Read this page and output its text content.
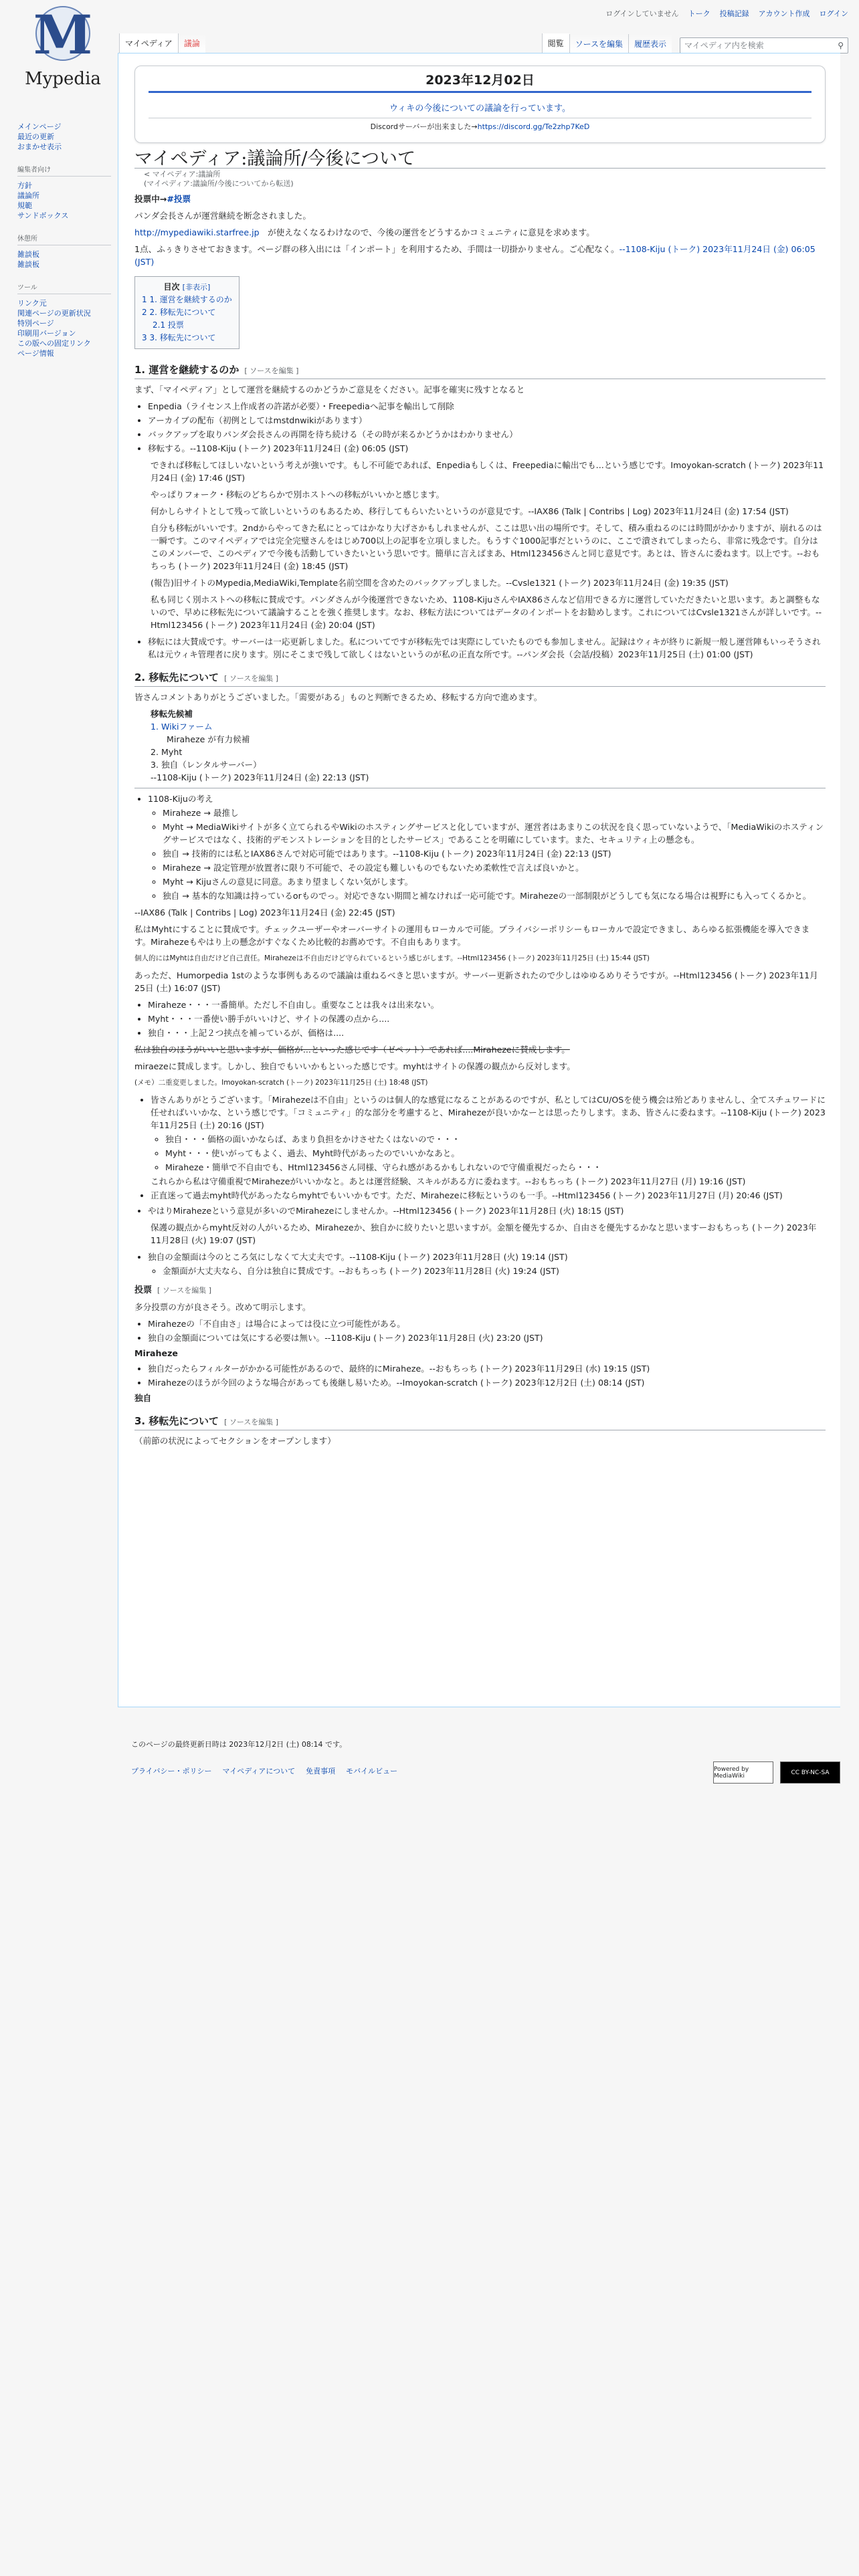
M
Mypedia
ログインしていません トーク 投稿記録 アカウント作成 ログイン
マイペディア	議論	閲覧	ソースを編集	履歴表示	マイペディア内を検索	⚲
メインページ
最近の更新
おまかせ表示
編集者向け
方針
議論所
規範
サンドボックス
休憩所
雑談板
雑談板
ツール
リンク元
関連ページの更新状況
特別ページ
印刷用バージョン
この版への固定リンク
ページ情報
2023年12月02日
ウィキの今後についての議論を行っています。
Discordサーバーが出来ました→https://discord.gg/Te2zhp7KeD
マイペディア:議論所/今後について
< マイペディア:議論所
(マイペディア:議論所/今後についてから転送)

投票中→#投票

パンダ会長さんが運営継続を断念されました。

http://mypediawiki.starfree.jp　 が使えなくなるわけなので、今後の運営をどうするかコミュニティに意見を求めます。

1点、ふぅきりさせておきます。ページ群の移入出には「インポート」を利用するため、手間は一切掛かりません。ご心配なく。--1108-Kiju (トーク) 2023年11月24日 (金) 06:05 (JST)

目次 [非表示]
1 1. 運営を継続するのか
2 2. 移転先について
2.1 投票
3 3. 移転先について
1. 運営を継続するのか [ ソースを編集 ]

まず、「マイペディア」として運営を継続するのかどうかご意見をください。記事を確実に残すとなると

• Enpedia（ライセンス上作成者の許諾が必要）・Freepediaへ記事を輸出して削除
• アーカイブの配布（初例としてはmstdnwikiがあります）
• バックアップを取りパンダ会長さんの再開を待ち続ける（その時が来るかどうかはわかりません）
• 移転する。--1108-Kiju (トーク) 2023年11月24日 (金) 06:05 (JST)

できれば移転してほしいないという考えが強いです。もし不可能であれば、Enpediaもしくは、Freepediaに輸出でも...という感じです。Imoyokan-scratch (トーク) 2023年11月24日 (金) 17:46 (JST)

やっぱりフォーク・移転のどちらかで別ホストへの移転がいいかと感じます。

何かしらサイトとして残って欲しいというのもあるため、移行してもらいたいというのが意見です。--IAX86 (Talk | Contribs | Log) 2023年11月24日 (金) 17:54 (JST)

自分も移転がいいです。2ndからやってきた私にとってはかなり大げさかもしれませんが、ここは思い出の場所です。そして、積み重ねるのには時間がかかりますが、崩れるのは一瞬です。このマイペディアでは完全完璧さんをはじめ700以上の記事を立項しました。もうすぐ1000記事だというのに、ここで潰されてしまったら、非常に残念です。自分はこのメンバーで、このペディアで今後も活動していきたいという思いです。簡単に言えばまあ、Html123456さんと同じ意見です。あとは、皆さんに委ねます。以上です。--おもちっち (トーク) 2023年11月24日 (金) 18:45 (JST)

(報告)旧サイトのMypedia,MediaWiki,Template名前空間を含めたのバックアップしました。--Cvsle1321 (トーク) 2023年11月24日 (金) 19:35 (JST)

私も同じく別ホストへの移転に賛成です。パンダさんが今後運営できないため、1108-KijuさんやIAX86さんなど信用できる方に運営していただきたいと思います。あと調整もないので、早めに移転先について議論することを強く推奨します。なお、移転方法についてはデータのインポートをお勧めします。これについてはCvsle1321さんが詳しいです。--Html123456 (トーク) 2023年11月24日 (金) 20:04 (JST)

• 移転には大賛成です。サーバーは一応更新しました。私についてですが移転先では実際にしていたものでも参加しません。記録はウィキが終りに新規一般し運営陣もいっそうされ私は元ウィキ管理者に戻ります。別にそこまで残して欲しくはないというのが私の正直な所です。--パンダ会長（会話/投稿）2023年11月25日 (土) 01:00 (JST)
2. 移転先について [ ソースを編集 ]

皆さんコメントありがとうございました。「需要がある」ものと判断できるため、移転する方向で進めます。

移転先候補
1. Wikiファーム
Miraheze が有力候補
2. Myht
3. 独自（レンタルサーバー）
--1108-Kiju (トーク) 2023年11月24日 (金) 22:13 (JST)
• 1108-Kijuの考え
◦ Miraheze → 最推し
◦ Myht → MediaWikiサイトが多く立てられるやWikiのホスティングサービスと化していますが、運営者はあまりこの状況を良く思っていないようで、「MediaWikiのホスティングサービスではなく、技術的デモンストレーションを目的としたサービス」であることを明確にしています。また、セキュリティ上の懸念も。
◦ 独自 → 技術的には私とIAX86さんで対応可能ではあります。--1108-Kiju (トーク) 2023年11月24日 (金) 22:13 (JST)
◦ Miraheze → 設定管理が放置者に限り不可能で、その設定も難しいものでもないため柔軟性で言えば良いかと。
◦ Myht → Kijuさんの意見に同意。あまり望ましくない気がします。
◦ 独自 → 基本的な知識は持っているorものでっ。対応できない期間と補なければ一応可能です。Mirahezeの一部制限がどうしても気になる場合は視野にも入ってくるかと。

--IAX86 (Talk | Contribs | Log) 2023年11月24日 (金) 22:45 (JST)

私はMyhtにすることに賛成です。チェックユーザーやオーバーサイトの運用もローカルで可能。プライバシーポリシーもローカルで設定できまし、あらゆる拡張機能を導入できます。Mirahezeもやはり上の懸念がすぐなくため比較的お薦めです。不自由もあります。

個人的にはMyhtは自由だけど自己責任。Mirahezeは不自由だけど守られているという感じがします。--Html123456 (トーク) 2023年11月25日 (土) 15:44 (JST)

あっただ、Humorpedia 1stのような事例もあるので議論は重ねるべきと思いますが。サーバー更新されたので少しはゆゆるめりそうですが。--Html123456 (トーク) 2023年11月25日 (土) 16:07 (JST)

• Miraheze・・・一番簡単。ただし不自由し。重要なことは我々は出来ない。
• Myht・・・一番使い勝手がいいけど、サイトの保護の点から....
• 独自・・・上記２つ挟点を補っているが、価格は....

私は独自のほうがいいと思いますが、価格が...といった感じです（ゼペット）であれば....Mirahezeに賛成します。

miraezeに賛成します。しかし、独自でもいいかもといった感じです。myhtはサイトの保護の観点から反対します。

(メモ）二重変更しました。Imoyokan-scratch (トーク) 2023年11月25日 (土) 18:48 (JST)

• 皆さんありがとうございます。「Mirahezeは不自由」というのは個人的な感覚になることがあるのですが、私としてはCU/OSを使う機会は殆どありませんし、全てスチュワードに任せればいいかな、という感じです。「コミュニティ」的な部分を考慮すると、Mirahezeが良いかなーとは思ったりします。まあ、皆さんに委ねます。--1108-Kiju (トーク) 2023年11月25日 (土) 20:16 (JST)
◦ 独自・・・価格の面いかならば、あまり負担をかけさせたくはないので・・・
◦ Myht・・・使いがってもよく、過去、Myht時代があったのでいいかなあと。
◦ Miraheze・簡単で不自由でも、Html123456さん同様、守られ感があるかもしれないので守備重視だったら・・・
これらから私は守備重視でMirahezeがいいかなと。あとは運営経験、スキルがある方に委ねます。--おもちっち (トーク) 2023年11月27日 (月) 19:16 (JST)
• 正直迷って過去myht時代があったならmyhtでもいいかもです。ただ、Mirahezeに移転というのも一手。--Html123456 (トーク) 2023年11月27日 (月) 20:46 (JST)
• やはりMirahezeという意見が多いのでMirahezeにしませんか。--Html123456 (トーク) 2023年11月28日 (火) 18:15 (JST)

保護の観点からmyht反対の人がいるため、Mirahezeか、独自かに絞りたいと思いますが。金額を優先するか、自由さを優先するかなと思いますーおもちっち (トーク) 2023年11月28日 (火) 19:07 (JST)

• 独自の金額面は今のところ気にしなくて大丈夫です。--1108-Kiju (トーク) 2023年11月28日 (火) 19:14 (JST)
◦ 金額面が大丈夫なら、自分は独自に賛成です。--おもちっち (トーク) 2023年11月28日 (火) 19:24 (JST)
投票 [ ソースを編集 ]

多分投票の方が良さそう。改めて明示します。

• Mirahezeの「不自由さ」は場合によっては役に立つ可能性がある。
• 独自の金額面については気にする必要は無い。--1108-Kiju (トーク) 2023年11月28日 (火) 23:20 (JST)
Miraheze
• 独自だったらフィルターがかかる可能性があるので、最終的にMiraheze。--おもちっち (トーク) 2023年11月29日 (水) 19:15 (JST)
• Mirahezeのほうが今回のような場合があっても後継し易いため。--Imoyokan-scratch (トーク) 2023年12月2日 (土) 08:14 (JST)
独自
3. 移転先について [ ソースを編集 ]

（前節の状況によってセクションをオープンします）

このページの最終更新日時は 2023年12月2日 (土) 08:14 です。
プライバシー・ポリシー マイペディアについて 免責事項 モバイルビュー	Powered by MediaWiki	CC BY-NC-SA
